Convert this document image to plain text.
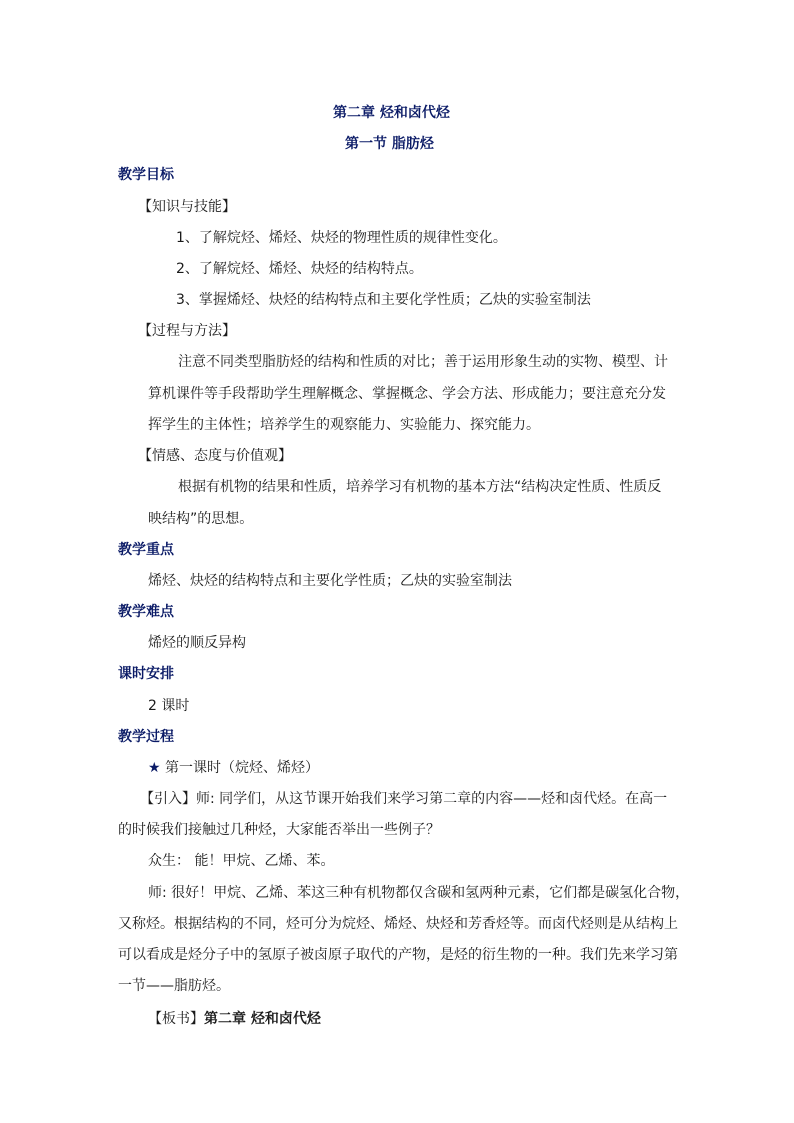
第二章 烃和卤代烃
第一节 脂肪烃
教学目标
【知识与技能】
1、了解烷烃、烯烃、炔烃的物理性质的规律性变化。
2、了解烷烃、烯烃、炔烃的结构特点。
3、掌握烯烃、炔烃的结构特点和主要化学性质；乙炔的实验室制法
【过程与方法】
注意不同类型脂肪烃的结构和性质的对比；善于运用形象生动的实物、模型、计
算机课件等手段帮助学生理解概念、掌握概念、学会方法、形成能力；要注意充分发
挥学生的主体性；培养学生的观察能力、实验能力、探究能力。
【情感、态度与价值观】
根据有机物的结果和性质，培养学习有机物的基本方法“结构决定性质、性质反
映结构”的思想。
教学重点
烯烃、炔烃的结构特点和主要化学性质；乙炔的实验室制法
教学难点
烯烃的顺反异构
课时安排
2 课时
教学过程
★ 第一课时（烷烃、烯烃）
【引入】师: 同学们，从这节课开始我们来学习第二章的内容——烃和卤代烃。在高一
的时候我们接触过几种烃，大家能否举出一些例子？
众生： 能！甲烷、乙烯、苯。
师: 很好！甲烷、乙烯、苯这三种有机物都仅含碳和氢两种元素，它们都是碳氢化合物，
又称烃。根据结构的不同，烃可分为烷烃、烯烃、炔烃和芳香烃等。而卤代烃则是从结构上
可以看成是烃分子中的氢原子被卤原子取代的产物，是烃的衍生物的一种。我们先来学习第
一节——脂肪烃。
【板书】第二章 烃和卤代烃
